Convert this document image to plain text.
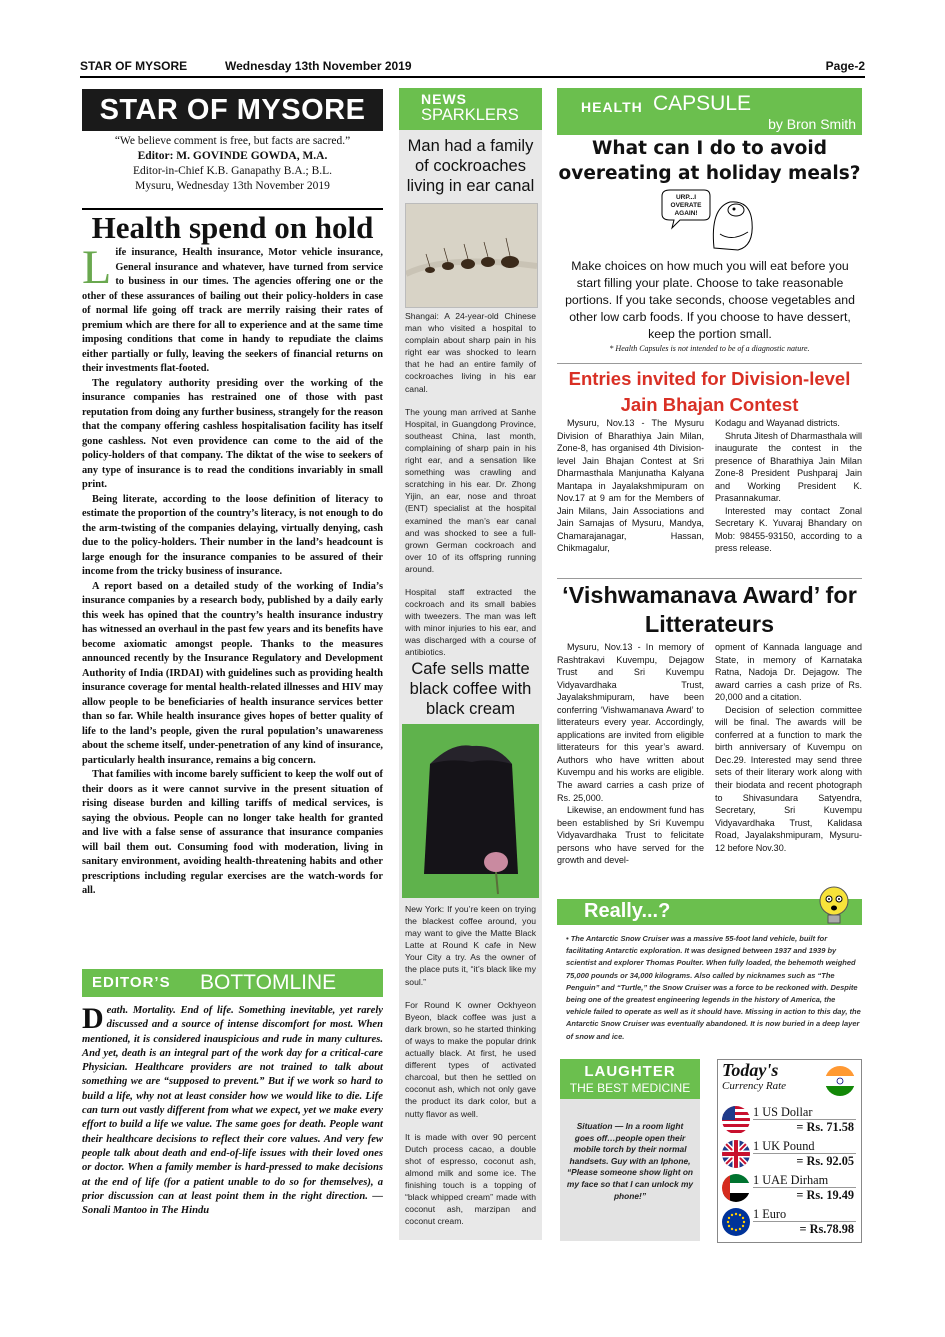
STAR OF MYSORE	Wednesday 13th November 2019	Page-2
STAR OF MYSORE
“We believe comment is free, but facts are sacred.”
Editor: M. GOVINDE GOWDA, M.A.
Editor-in-Chief K.B. Ganapathy B.A.; B.L.
Mysuru, Wednesday 13th November 2019
Health spend on hold

Life insurance, Health insurance, Motor vehicle insurance, General insurance and whatever, have turned from service to business in our times. The agencies offering one or the other of these assurances of bailing out their policy-holders in case of normal life going off track are merrily raising their rates of premium which are there for all to experience and at the same time imposing conditions that come in handy to repudiate the claims either partially or fully, leaving the seekers of financial returns on their investments flat-footed.

The regulatory authority presiding over the working of the insurance companies has restrained one of those with past reputation from doing any further business, strangely for the reason that the company offering cashless hospitalisation facility has itself gone cashless. Not even providence can come to the aid of the policy-holders of that company. The diktat of the wise to seekers of any type of insurance is to read the conditions invariably in small print.

Being literate, according to the loose definition of literacy to estimate the proportion of the country’s literacy, is not enough to do the arm-twisting of the companies delaying, virtually denying, cash due to the policy-holders. Their number in the land’s headcount is large enough for the insurance companies to be assured of their income from the tricky business of insurance.

A report based on a detailed study of the working of India’s insurance companies by a research body, published by a daily early this week has opined that the country’s health insurance industry has witnessed an overhaul in the past few years and its benefits have become axiomatic amongst people. Thanks to the measures announced recently by the Insurance Regulatory and Development Authority of India (IRDAI) with guidelines such as providing health insurance coverage for mental health-related illnesses and HIV may allow people to be beneficiaries of health insurance services better than so far. While health insurance gives hopes of better quality of life to the land’s people, given the rural population’s unawareness about the scheme itself, under-penetration of any kind of insurance, particularly health insurance, remains a big concern.

That families with income barely sufficient to keep the wolf out of their doors as it were cannot survive in the present situation of rising disease burden and killing tariffs of medical services, is saying the obvious. People can no longer take health for granted and live with a false sense of assurance that insurance companies will bail them out. Consuming food with moderation, living in sanitary environment, avoiding health-threatening habits and other prescriptions including regular exercises are the watch-words for all.

EDITOR’S BOTTOMLINE
Death. Mortality. End of life. Something inevitable, yet rarely discussed and a source of intense discomfort for most. When mentioned, it is considered inauspicious and rude in many cultures. And yet, death is an integral part of the work day for a critical-care Physician. Healthcare providers are not trained to talk about something we are “supposed to prevent.” But if we work so hard to build a life, why not at least consider how we would like to die. Life can turn out vastly different from what we expect, yet we make every effort to build a life we value. The same goes for death. People want their healthcare decisions to reflect their core values. And very few people talk about death and end-of-life issues with their loved ones or doctor. When a family member is hard-pressed to make decisions at the end of life (for a patient unable to do so for themselves), a prior discussion can at least point them in the right direction. — Sonali Mantoo in The Hindu
NEWS
SPARKLERS
Man had a family of cockroaches living in ear canal

Shangai: A 24-year-old Chinese man who visited a hospital to complain about sharp pain in his right ear was shocked to learn that he had an entire family of cockroaches living in his ear canal.

The young man arrived at Sanhe Hospital, in Guangdong Province, southeast China, last month, complaining of sharp pain in his right ear, and a sensation like something was crawling and scratching in his ear. Dr. Zhong Yijin, an ear, nose and throat (ENT) specialist at the hospital examined the man’s ear canal and was shocked to see a full-grown German cockroach and over 10 of its offspring running around.

Hospital staff extracted the cockroach and its small babies with tweezers. The man was left with minor injuries to his ear, and was discharged with a course of antibiotics.

Cafe sells matte black coffee with black cream

New York: If you’re keen on trying the blackest coffee around, you may want to give the Matte Black Latte at Round K cafe in New Your City a try. As the owner of the place puts it, “it’s black like my soul.”

For Round K owner Ockhyeon Byeon, black coffee was just a dark brown, so he started thinking of ways to make the popular drink actually black. At first, he used different types of activated charcoal, but then he settled on coconut ash, which not only gave the product its dark color, but a nutty flavor as well.

It is made with over 90 percent Dutch process cacao, a double shot of espresso, coconut ash, almond milk and some ice. The finishing touch is a topping of “black whipped cream” made with coconut ash, marzipan and coconut cream.

HEALTH CAPSULE
by Bron Smith
What can I do to avoid overeating at holiday meals?
URP...I OVERATE AGAIN!
Make choices on how much you will eat before you start filling your plate. Choose to take reasonable portions. If you take seconds, choose vegetables and other low carb foods. If you choose to have dessert, keep the portion small.
* Health Capsules is not intended to be of a diagnostic nature.
Entries invited for Division-level Jain Bhajan Contest

Mysuru, Nov.13 - The Mysuru Division of Bharathiya Jain Milan, Zone-8, has organised 4th Division-level Jain Bhajan Contest at Sri Dharmasthala Manjunatha Kalyana Mantapa in Jayalakshmipuram on Nov.17 at 9 am for the Members of Jain Milans, Jain Associations and Jain Samajas of Mysuru, Mandya, Chamarajanagar, Hassan, Chikmagalur,

Kodagu and Wayanad districts.

Shruta Jitesh of Dharmasthala will inaugurate the contest in the presence of Bharathiya Jain Milan Zone-8 President Pushparaj Jain and Working President K. Prasannakumar.

Interested may contact Zonal Secretary K. Yuvaraj Bhandary on Mob: 98455-93150, according to a press release.

‘Vishwamanava Award’ for Litterateurs

Mysuru, Nov.13 - In memory of Rashtrakavi Kuvempu, Dejagow Trust and Sri Kuvempu Vidyavardhaka Trust, Jayalakshmipuram, have been conferring ‘Vishwamanava Award’ to litterateurs every year. Accordingly, applications are invited from eligible litterateurs for this year’s award. Authors who have written about Kuvempu and his works are eligible. The award carries a cash prize of Rs. 25,000.

Likewise, an endowment fund has been established by Sri Kuvempu Vidyavardhaka Trust to felicitate persons who have served for the growth and devel-

opment of Kannada language and State, in memory of Karnataka Ratna, Nadoja Dr. Dejagow. The award carries a cash prize of Rs. 20,000 and a citation.

Decision of selection committee will be final. The awards will be conferred at a function to mark the birth anniversary of Kuvempu on Dec.29. Interested may send three sets of their literary work along with their biodata and recent photograph to Shivasundara Satyendra, Secretary, Sri Kuvempu Vidyavardhaka Trust, Kalidasa Road, Jayalakshmipuram, Mysuru-12 before Nov.30.

Really...?
• The Antarctic Snow Cruiser was a massive 55-foot land vehicle, built for facilitating Antarctic exploration. It was designed between 1937 and 1939 by scientist and explorer Thomas Poulter. When fully loaded, the behemoth weighed 75,000 pounds or 34,000 kilograms. Also called by nicknames such as “The Penguin” and “Turtle,” the Snow Cruiser was a force to be reckoned with. Despite being one of the greatest engineering legends in the history of America, the vehicle failed to operate as well as it should have. Missing in action to this day, the Antarctic Snow Cruiser was eventually abandoned. It is now buried in a deep layer of snow and ice.
LAUGHTER
THE BEST MEDICINE
Situation — In a room light goes off…people open their mobile torch by their normal handsets. Guy with an Iphone, “Please someone show light on my face so that I can unlock my phone!”
Today's
Currency Rate
1 US Dollar
= Rs. 71.58
1 UK Pound
= Rs. 92.05
1 UAE Dirham
= Rs. 19.49
1 Euro
= Rs.78.98
